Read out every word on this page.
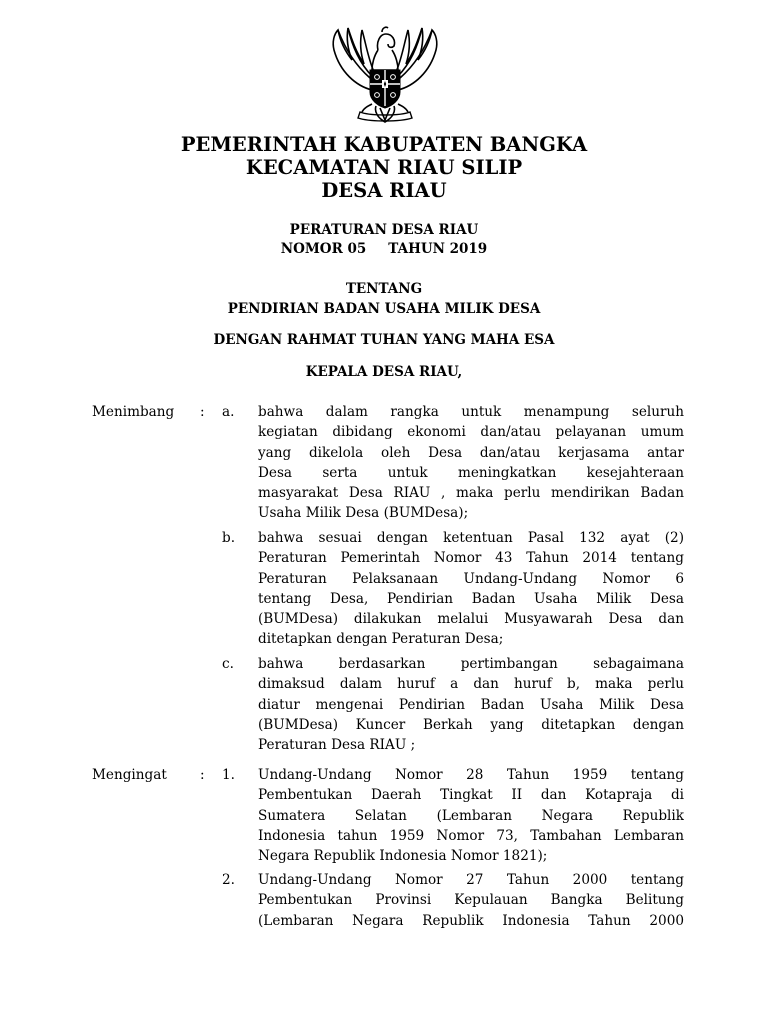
PEMERINTAH KABUPATEN BANGKA
KECAMATAN RIAU SILIP
DESA RIAU
PERATURAN DESA RIAU
NOMOR 05 TAHUN 2019
TENTANG
PENDIRIAN BADAN USAHA MILIK DESA
DENGAN RAHMAT TUHAN YANG MAHA ESA
KEPALA DESA RIAU,
Menimbang : a. bahwa dalam rangka untuk menampung seluruh
kegiatan dibidang ekonomi dan/atau pelayanan umum
yang dikelola oleh Desa dan/atau kerjasama antar
Desa serta untuk meningkatkan kesejahteraan
masyarakat Desa RIAU , maka perlu mendirikan Badan
Usaha Milik Desa (BUMDesa);
b. bahwa sesuai dengan ketentuan Pasal 132 ayat (2)
Peraturan Pemerintah Nomor 43 Tahun 2014 tentang
Peraturan Pelaksanaan Undang-Undang Nomor 6
tentang Desa, Pendirian Badan Usaha Milik Desa
(BUMDesa) dilakukan melalui Musyawarah Desa dan
ditetapkan dengan Peraturan Desa;
c. bahwa berdasarkan pertimbangan sebagaimana
dimaksud dalam huruf a dan huruf b, maka perlu
diatur mengenai Pendirian Badan Usaha Milik Desa
(BUMDesa) Kuncer Berkah yang ditetapkan dengan
Peraturan Desa RIAU ;
Mengingat : 1. Undang-Undang Nomor 28 Tahun 1959 tentang
Pembentukan Daerah Tingkat II dan Kotapraja di
Sumatera Selatan (Lembaran Negara Republik
Indonesia tahun 1959 Nomor 73, Tambahan Lembaran
Negara Republik Indonesia Nomor 1821);
2. Undang-Undang Nomor 27 Tahun 2000 tentang
Pembentukan Provinsi Kepulauan Bangka Belitung
(Lembaran Negara Republik Indonesia Tahun 2000
